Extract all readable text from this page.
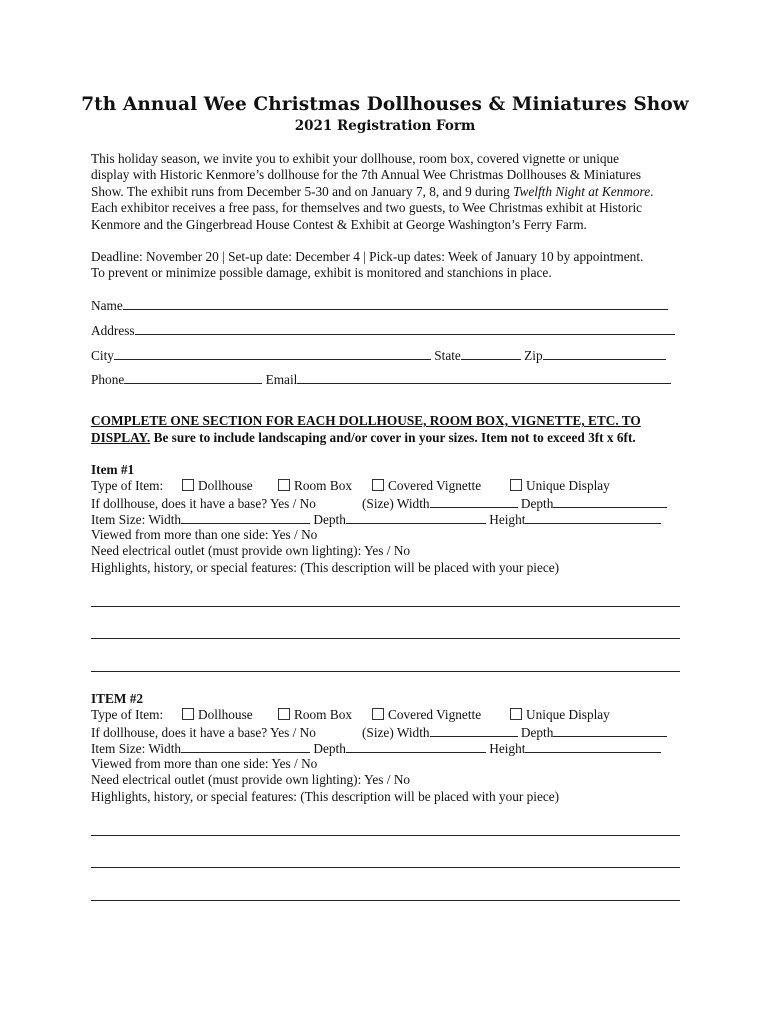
7th Annual Wee Christmas Dollhouses & Miniatures Show
2021 Registration Form

This holiday season, we invite you to exhibit your dollhouse, room box, covered vignette or unique

display with Historic Kenmore’s dollhouse for the 7th Annual Wee Christmas Dollhouses & Miniatures

Show. The exhibit runs from December 5-30 and on January 7, 8, and 9 during Twelfth Night at Kenmore.

Each exhibitor receives a free pass, for themselves and two guests, to Wee Christmas exhibit at Historic

Kenmore and the Gingerbread House Contest & Exhibit at George Washington’s Ferry Farm.

Deadline: November 20 | Set-up date: December 4 | Pick-up dates: Week of January 10 by appointment.

To prevent or minimize possible damage, exhibit is monitored and stanchions in place.

Name
Address
City	State	Zip
Phone	Email

COMPLETE ONE SECTION FOR EACH DOLLHOUSE, ROOM BOX, VIGNETTE, ETC. TO

DISPLAY. Be sure to include landscaping and/or cover in your sizes. Item not to exceed 3ft x 6ft.

Item #1
Type of Item:	Dollhouse	Room Box	Covered Vignette	Unique Display
If dollhouse, does it have a base? Yes / No	(Size) Width	Depth
Item Size: Width	Depth	Height
Viewed from more than one side: Yes / No
Need electrical outlet (must provide own lighting): Yes / No
Highlights, history, or special features: (This description will be placed with your piece)
ITEM #2
Type of Item:	Dollhouse	Room Box	Covered Vignette	Unique Display
If dollhouse, does it have a base? Yes / No	(Size) Width	Depth
Item Size: Width	Depth	Height
Viewed from more than one side: Yes / No
Need electrical outlet (must provide own lighting): Yes / No
Highlights, history, or special features: (This description will be placed with your piece)
